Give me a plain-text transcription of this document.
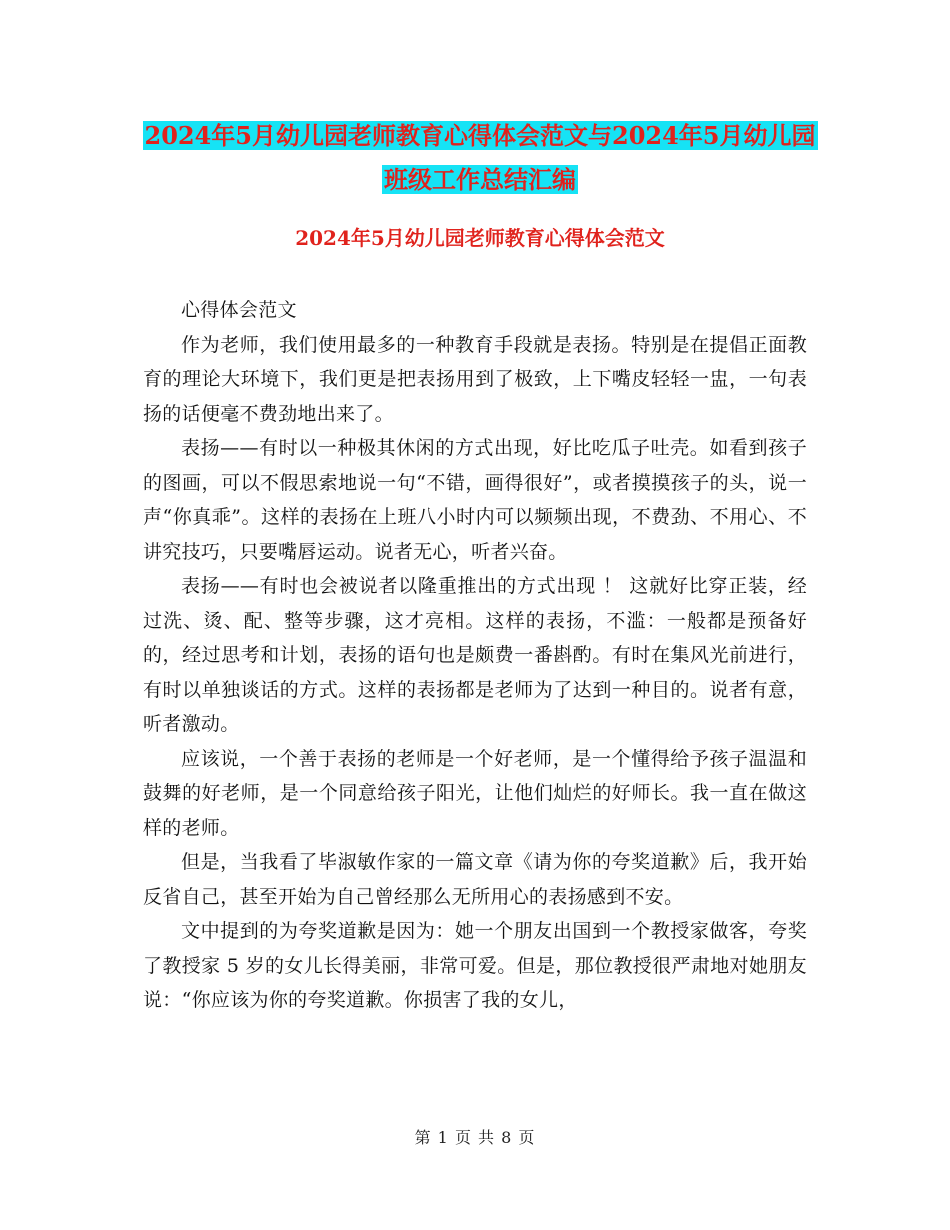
2024年5月幼儿园老师教育心得体会范文与2024年5月幼儿园班级工作总结汇编
2024年5月幼儿园老师教育心得体会范文

心得体会范文

作为老师，我们使用最多的一种教育手段就是表扬。特别是在提倡正面教育的理论大环境下，我们更是把表扬用到了极致，上下嘴皮轻轻一盅，一句表扬的话便毫不费劲地出来了。

表扬——有时以一种极其休闲的方式出现，好比吃瓜子吐壳。如看到孩子的图画，可以不假思索地说一句“不错，画得很好”，或者摸摸孩子的头，说一声“你真乖”。这样的表扬在上班八小时内可以频频出现，不费劲、不用心、不讲究技巧，只要嘴唇运动。说者无心，听者兴奋。

表扬——有时也会被说者以隆重推出的方式出现 ！ 这就好比穿正装，经过洗、烫、配、整等步骤，这才亮相。这样的表扬，不滥：一般都是预备好的，经过思考和计划，表扬的语句也是颇费一番斟酌。有时在集风光前进行，有时以单独谈话的方式。这样的表扬都是老师为了达到一种目的。说者有意，听者激动。

应该说，一个善于表扬的老师是一个好老师，是一个懂得给予孩子温温和鼓舞的好老师，是一个同意给孩子阳光，让他们灿烂的好师长。我一直在做这样的老师。

但是，当我看了毕淑敏作家的一篇文章《请为你的夸奖道歉》后，我开始反省自己，甚至开始为自己曾经那么无所用心的表扬感到不安。

文中提到的为夸奖道歉是因为：她一个朋友出国到一个教授家做客，夸奖了教授家 5 岁的女儿长得美丽，非常可爱。但是，那位教授很严肃地对她朋友说：“你应该为你的夸奖道歉。你损害了我的女儿，

第 1 页 共 8 页
